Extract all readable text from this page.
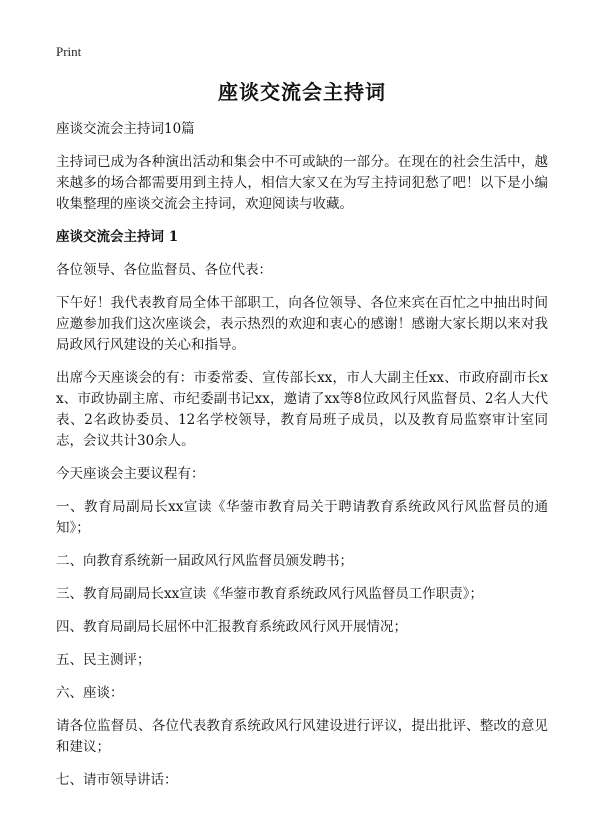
Print
座谈交流会主持词

座谈交流会主持词10篇

主持词已成为各种演出活动和集会中不可或缺的一部分。在现在的社会生活中，越来越多的场合都需要用到主持人，相信大家又在为写主持词犯愁了吧！以下是小编收集整理的座谈交流会主持词，欢迎阅读与收藏。

座谈交流会主持词 1

各位领导、各位监督员、各位代表：

下午好！我代表教育局全体干部职工，向各位领导、各位来宾在百忙之中抽出时间应邀参加我们这次座谈会，表示热烈的欢迎和衷心的感谢！感谢大家长期以来对我局政风行风建设的关心和指导。

出席今天座谈会的有：市委常委、宣传部长xx，市人大副主任xx、市政府副市长xx、市政协副主席、市纪委副书记xx，邀请了xx等8位政风行风监督员、2名人大代表、2名政协委员、12名学校领导，教育局班子成员，以及教育局监察审计室同志，会议共计30余人。

今天座谈会主要议程有：

一、教育局副局长xx宣读《华蓥市教育局关于聘请教育系统政风行风监督员的通知》；

二、向教育系统新一届政风行风监督员颁发聘书；

三、教育局副局长xx宣读《华蓥市教育系统政风行风监督员工作职责》；

四、教育局副局长屈怀中汇报教育系统政风行风开展情况；

五、民主测评；

六、座谈：

请各位监督员、各位代表教育系统政风行风建设进行评议，提出批评、整改的意见和建议；

七、请市领导讲话：
